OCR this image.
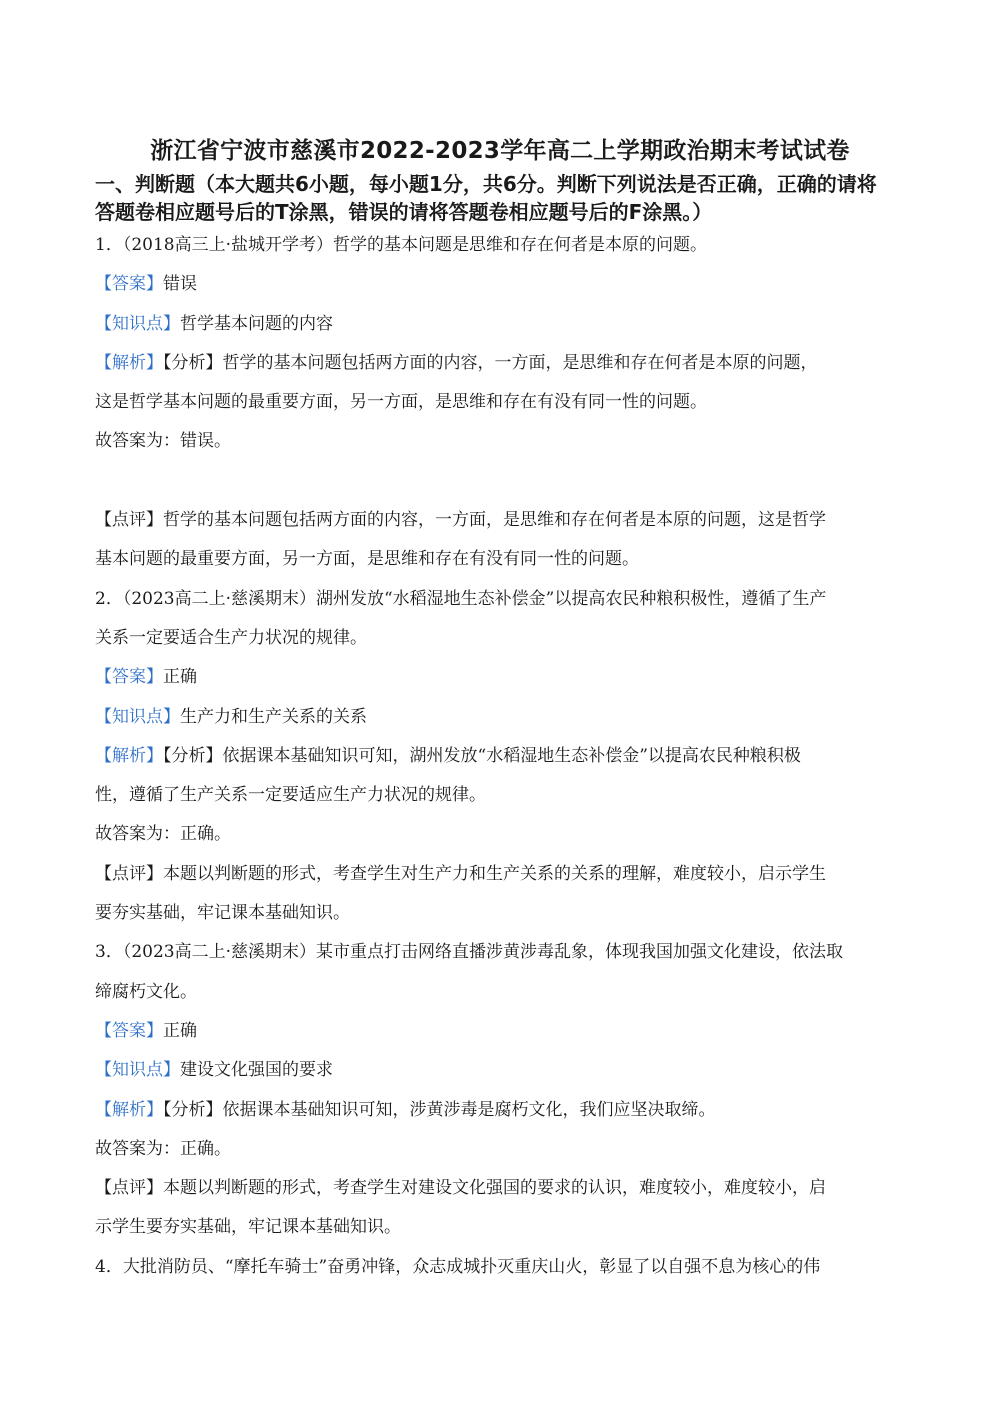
浙江省宁波市慈溪市2022-2023学年高二上学期政治期末考试试卷
一、判断题（本大题共6小题，每小题1分，共6分。判断下列说法是否正确，正确的请将
答题卷相应题号后的T涂黑，错误的请将答题卷相应题号后的F涂黑。）
1．（2018高三上·盐城开学考）哲学的基本问题是思维和存在何者是本原的问题。
【答案】错误
【知识点】哲学基本问题的内容
【解析】【分析】哲学的基本问题包括两方面的内容，一方面，是思维和存在何者是本原的问题，
这是哲学基本问题的最重要方面，另一方面，是思维和存在有没有同一性的问题。
故答案为：错误。
【点评】哲学的基本问题包括两方面的内容，一方面，是思维和存在何者是本原的问题，这是哲学
基本问题的最重要方面，另一方面，是思维和存在有没有同一性的问题。
2．（2023高二上·慈溪期末）湖州发放“水稻湿地生态补偿金”以提高农民种粮积极性，遵循了生产
关系一定要适合生产力状况的规律。
【答案】正确
【知识点】生产力和生产关系的关系
【解析】【分析】依据课本基础知识可知，湖州发放“水稻湿地生态补偿金”以提高农民种粮积极
性，遵循了生产关系一定要适应生产力状况的规律。
故答案为：正确。
【点评】本题以判断题的形式，考查学生对生产力和生产关系的关系的理解，难度较小，启示学生
要夯实基础，牢记课本基础知识。
3．（2023高二上·慈溪期末）某市重点打击网络直播涉黄涉毒乱象，体现我国加强文化建设，依法取
缔腐朽文化。
【答案】正确
【知识点】建设文化强国的要求
【解析】【分析】依据课本基础知识可知，涉黄涉毒是腐朽文化，我们应坚决取缔。
故答案为：正确。
【点评】本题以判断题的形式，考查学生对建设文化强国的要求的认识，难度较小，难度较小，启
示学生要夯实基础，牢记课本基础知识。
4．大批消防员、“摩托车骑士”奋勇冲锋，众志成城扑灭重庆山火，彰显了以自强不息为核心的伟
